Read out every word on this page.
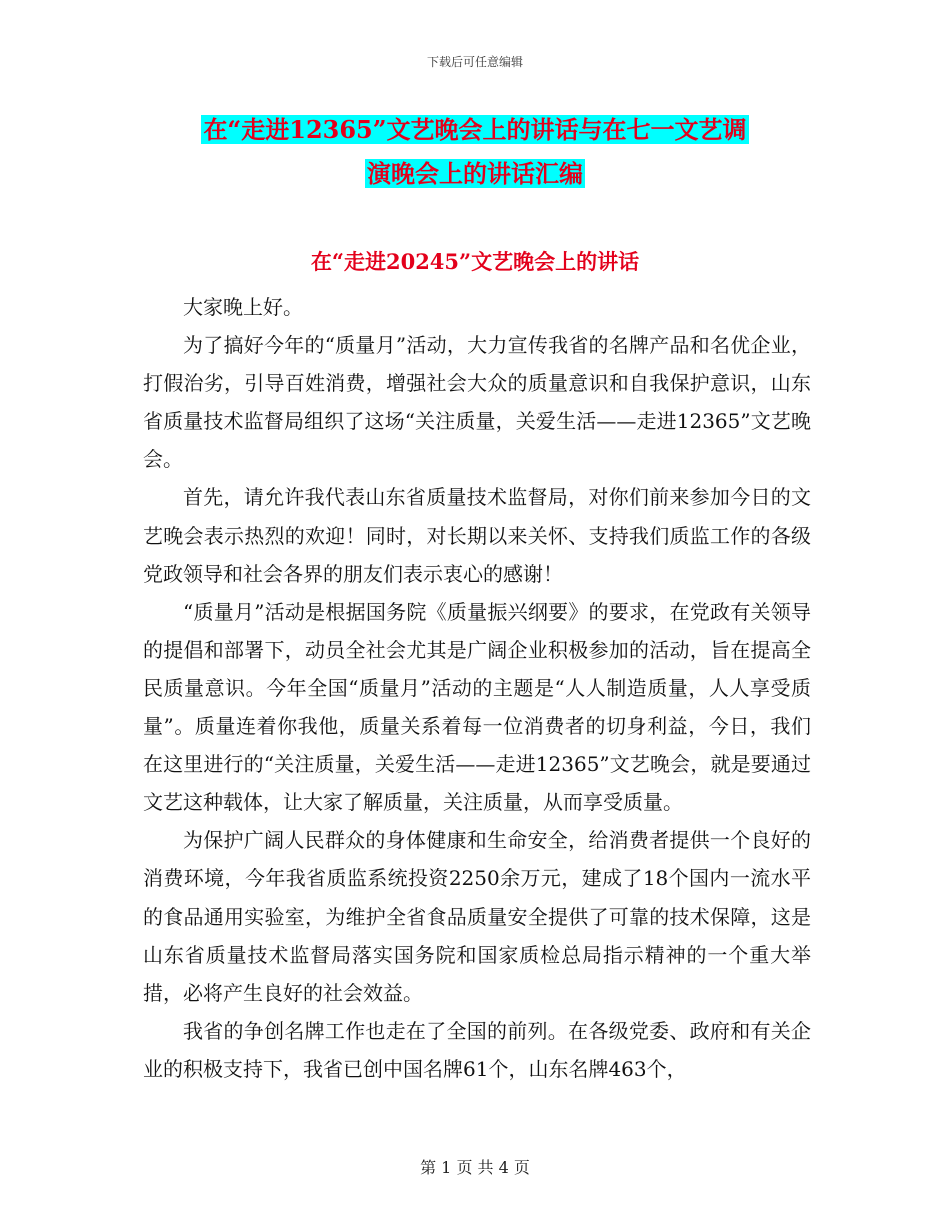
下载后可任意编辑
在“走进12365”文艺晚会上的讲话与在七一文艺调
演晚会上的讲话汇编
在“走进20245”文艺晚会上的讲话

大家晚上好。

为了搞好今年的“质量月”活动，大力宣传我省的名牌产品和名优企业，打假治劣，引导百姓消费，增强社会大众的质量意识和自我保护意识，山东省质量技术监督局组织了这场“关注质量，关爱生活——走进12365”文艺晚会。

首先，请允许我代表山东省质量技术监督局，对你们前来参加今日的文艺晚会表示热烈的欢迎！同时，对长期以来关怀、支持我们质监工作的各级党政领导和社会各界的朋友们表示衷心的感谢！

“质量月”活动是根据国务院《质量振兴纲要》的要求，在党政有关领导的提倡和部署下，动员全社会尤其是广阔企业积极参加的活动，旨在提高全民质量意识。今年全国“质量月”活动的主题是“人人制造质量，人人享受质量”。质量连着你我他，质量关系着每一位消费者的切身利益，今日，我们在这里进行的“关注质量，关爱生活——走进12365”文艺晚会，就是要通过文艺这种载体，让大家了解质量，关注质量，从而享受质量。

为保护广阔人民群众的身体健康和生命安全，给消费者提供一个良好的消费环境，今年我省质监系统投资2250余万元，建成了18个国内一流水平的食品通用实验室，为维护全省食品质量安全提供了可靠的技术保障，这是山东省质量技术监督局落实国务院和国家质检总局指示精神的一个重大举措，必将产生良好的社会效益。

我省的争创名牌工作也走在了全国的前列。在各级党委、政府和有关企业的积极支持下，我省已创中国名牌61个，山东名牌463个，

第 1 页 共 4 页
